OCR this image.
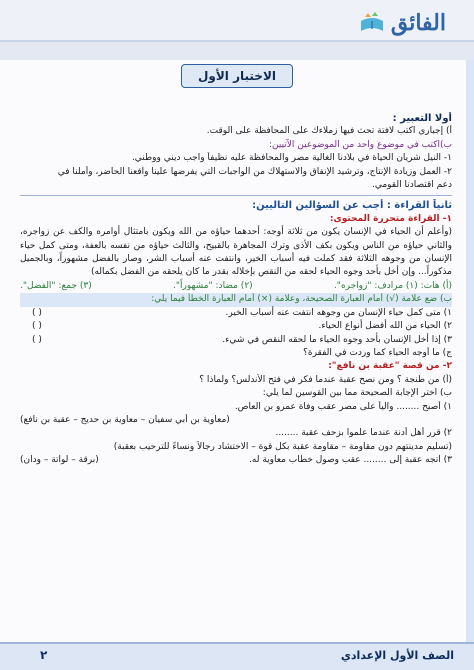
الفائق
الاختبار الأول
أولا التعبير :
أ) إجباري اكتب لافتة تحث فيها زملاءك على المحافظة على الوقت.
ب)اكتب في موضوع واحد من الموضوعين الآتيين:
١- النيل شريان الحياة في بلادنا الغالية مصر والمحافظة عليه نظيفاً واجب ديني ووطني.
٢- العمل وزيادة الإنتاج، وترشيد الإنفاق والاستهلاك من الواجبات التي يفرضها علينا واقعنا الحاضر، وأملنا في
دعم اقتصادنا القومي.
ثانياً القراءة : أجب عن السؤالين التاليين:
١- القراءة متحررة المحتوى:
(وأعلم أن الحياء في الإنسان يكون من ثلاثة أوجه: أحدهما حياؤه من الله ويكون بامتثال أوامره والكف عن زواجره، والثاني حياؤه من الناس ويكون بكف الأذى وترك المجاهرة بالقبيح، والثالث حياؤه من نفسه بالعفة، ومتى كمل حياء الإنسان من وجوهه الثلاثة فقد كملت فيه أسباب الخير، وانتفت عنه أسباب الشر، وصار بالفضل مشهوراً، وبالجميل مذكوراً... وإن أخل بأحد وجوه الحياء لحقه من النقص بإخلاله بقدر ما كان يلحقه من الفضل بكماله)
(أ) هات: (١) مرادف: "زواجره".
(٢) مضاد: "مشهوراً".
(٣) جمع: "الفضل".
ب) ضع علامة (√) أمام العبارة الصحيحة، وعلامة (×) أمام العبارة الخطأ فيما يلي:
١) متى كمل حياء الإنسان من وجوهه انتفت عنه أسباب الخير.
( )
٢) الحياء من الله أفضل أنواع الحياء.
( )
٣) إذا أخل الإنسان بأحد وجوه الحياء ما لحقه النقص في شيء.
( )
ج) ما أوجه الحياء كما وردت في الفقرة؟
٢- من قصة "عقبة بن نافع":
(أ) من طنجة ؟ ومن نصح عقبة عندما فكر في فتح الأندلس؟ ولماذا ؟
ب) اختر الإجابة الصحيحة مما بين القوسين لما يلي:
١) أصبح ........ والياً على مصر عقب وفاة عمرو بن العاص.
(معاوية بن أبي سفيان – معاوية بن حديج – عقبة بن نافع)
٢) قرر أهل أدنة عندما علموا بزحف عقبة ........
(تسليم مدينتهم دون مقاومة – مقاومة عقبة بكل قوة – الاحتشاد رجالاً ونساءً للترحيب بعقبة)
٣) اتجه عقبة إلى ........ عقب وصول خطاب معاوية له.
(برقة – لواتة – ودان)
الصف الأول الإعدادي
٢
